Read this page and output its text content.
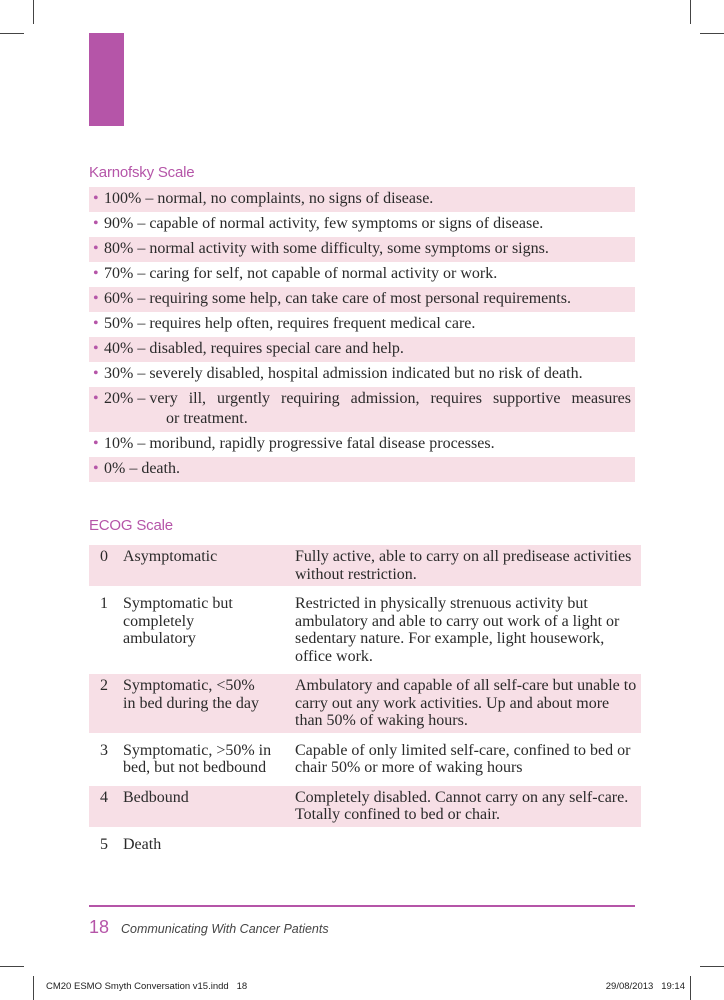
Karnofsky Scale
• 100% – normal, no complaints, no signs of disease.
• 90% – capable of normal activity, few symptoms or signs of disease.
• 80% – normal activity with some difficulty, some symptoms or signs.
• 70% – caring for self, not capable of normal activity or work.
• 60% – requiring some help, can take care of most personal requirements.
• 50% – requires help often, requires frequent medical care.
• 40% – disabled, requires special care and help.
• 30% – severely disabled, hospital admission indicated but no risk of death.
• 20% – very ill, urgently requiring admission, requires supportive measures
or treatment.
• 10% – moribund, rapidly progressive fatal disease processes.
• 0% – death.
ECOG Scale
0	Asymptomatic	Fully active, able to carry on all predisease activities without restriction.
1	Symptomatic but completely ambulatory	Restricted in physically strenuous activity but ambulatory and able to carry out work of a light or sedentary nature. For example, light housework, office work.
2	Symptomatic, <50% in bed during the day	Ambulatory and capable of all self-care but unable to carry out any work activities. Up and about more than 50% of waking hours.
3	Symptomatic, >50% in bed, but not bedbound	Capable of only limited self-care, confined to bed or chair 50% or more of waking hours
4	Bedbound	Completely disabled. Cannot carry on any self-care. Totally confined to bed or chair.
5	Death	
18 Communicating With Cancer Patients
CM20 ESMO Smyth Conversation v15.indd   18	29/08/2013   19:14
